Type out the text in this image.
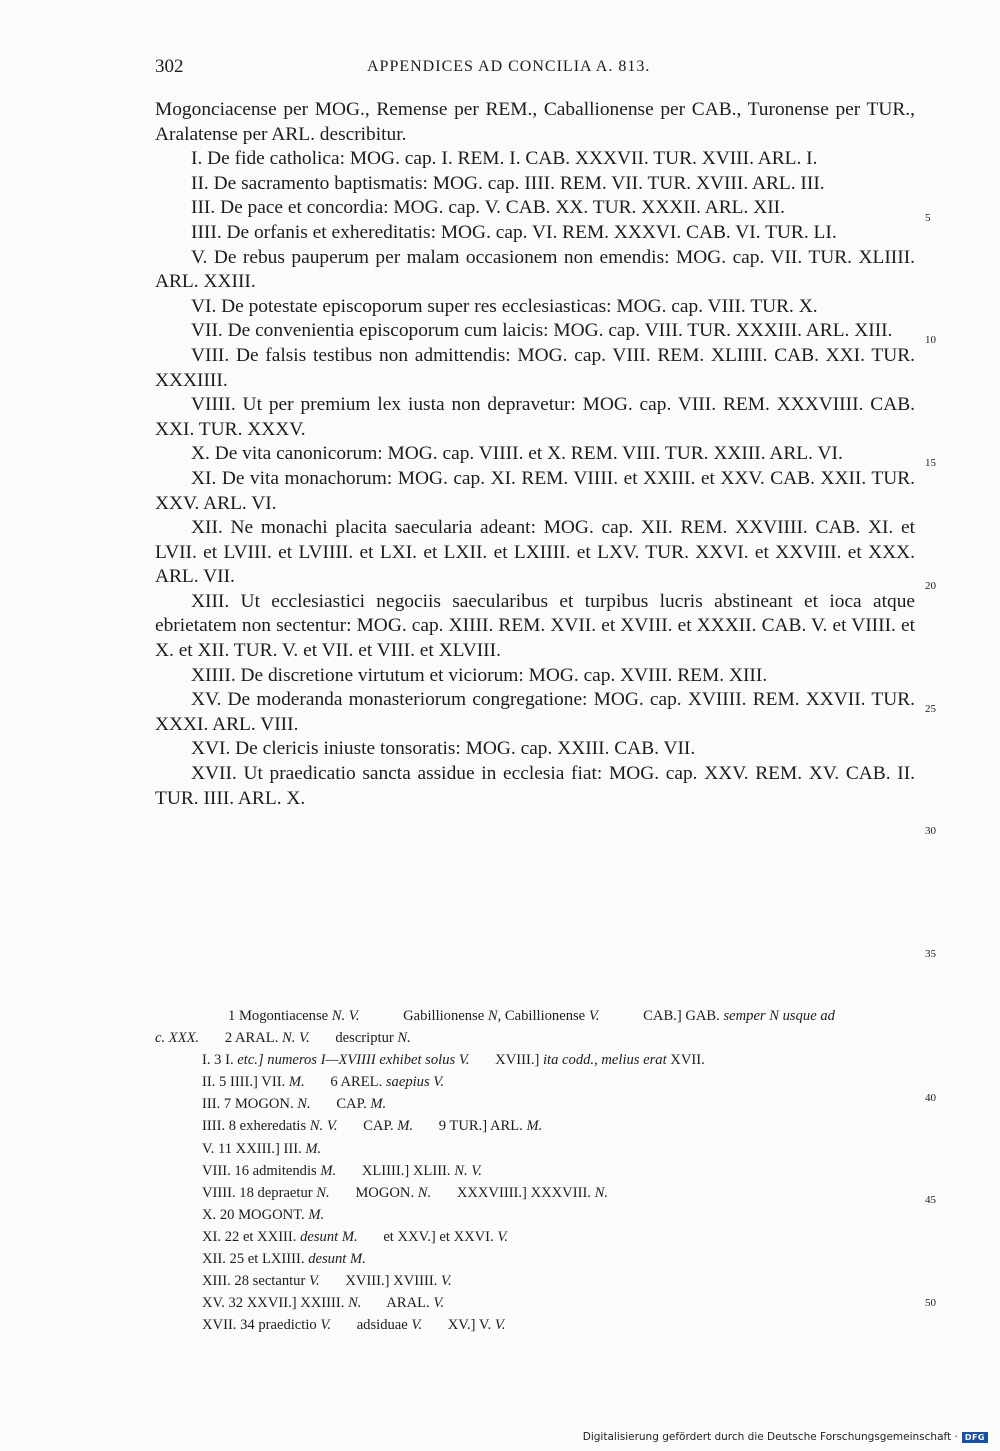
302	APPENDICES AD CONCILIA A. 813.

Mogonciacense per MOG., Remense per REM., Caballionense per CAB., Turonense per TUR., Aralatense per ARL. describitur.

I. De fide catholica: MOG. cap. I. REM. I. CAB. XXXVII. TUR. XVIII. ARL. I.

II. De sacramento baptismatis: MOG. cap. IIII. REM. VII. TUR. XVIII. ARL. III.

III. De pace et concordia: MOG. cap. V. CAB. XX. TUR. XXXII. ARL. XII.

IIII. De orfanis et exhereditatis: MOG. cap. VI. REM. XXXVI. CAB. VI. TUR. LI.

V. De rebus pauperum per malam occasionem non emendis: MOG. cap. VII. TUR. XLIIII. ARL. XXIII.

VI. De potestate episcoporum super res ecclesiasticas: MOG. cap. VIII. TUR. X.

VII. De convenientia episcoporum cum laicis: MOG. cap. VIII. TUR. XXXIII. ARL. XIII.

VIII. De falsis testibus non admittendis: MOG. cap. VIII. REM. XLIIII. CAB. XXI. TUR. XXXIIII.

VIIII. Ut per premium lex iusta non depravetur: MOG. cap. VIII. REM. XXXVIIII. CAB. XXI. TUR. XXXV.

X. De vita canonicorum: MOG. cap. VIIII. et X. REM. VIII. TUR. XXIII. ARL. VI.

XI. De vita monachorum: MOG. cap. XI. REM. VIIII. et XXIII. et XXV. CAB. XXII. TUR. XXV. ARL. VI.

XII. Ne monachi placita saecularia adeant: MOG. cap. XII. REM. XXVIIII. CAB. XI. et LVII. et LVIII. et LVIIII. et LXI. et LXII. et LXIIII. et LXV. TUR. XXVI. et XXVIII. et XXX. ARL. VII.

XIII. Ut ecclesiastici negociis saecularibus et turpibus lucris abstineant et ioca atque ebrietatem non sectentur: MOG. cap. XIIII. REM. XVII. et XVIII. et XXXII. CAB. V. et VIIII. et X. et XII. TUR. V. et VII. et VIII. et XLVIII.

XIIII. De discretione virtutum et viciorum: MOG. cap. XVIII. REM. XIII.

XV. De moderanda monasteriorum congregatione: MOG. cap. XVIIII. REM. XXVII. TUR. XXXI. ARL. VIII.

XVI. De clericis iniuste tonsoratis: MOG. cap. XXIII. CAB. VII.

XVII. Ut praedicatio sancta assidue in ecclesia fiat: MOG. cap. XXV. REM. XV. CAB. II. TUR. IIII. ARL. X.

5
10
15
20
25
30
35
40
45
50
1 Mogontiacense N. V.	Gabillionense N, Cabillionense V.	CAB.] GAB. semper N usque ad
c. XXX. 2 ARAL. N. V. descriptur N.
I. 3 I. etc.] numeros I—XVIIII exhibet solus V. XVIII.] ita codd., melius erat XVII.
II. 5 IIII.] VII. M. 6 AREL. saepius V.
III. 7 MOGON. N. CAP. M.
IIII. 8 exheredatis N. V. CAP. M. 9 TUR.] ARL. M.
V. 11 XXIII.] III. M.
VIII. 16 admitendis M. XLIIII.] XLIII. N. V.
VIIII. 18 depraetur N. MOGON. N. XXXVIIII.] XXXVIII. N.
X. 20 MOGONT. M.
XI. 22 et XXIII. desunt M. et XXV.] et XXVI. V.
XII. 25 et LXIIII. desunt M.
XIII. 28 sectantur V. XVIII.] XVIIII. V.
XV. 32 XXVII.] XXIIII. N. ARAL. V.
XVII. 34 praedictio V. adsiduae V. XV.] V. V.
Digitalisierung gefördert durch die Deutsche Forschungsgemeinschaft · DFG
